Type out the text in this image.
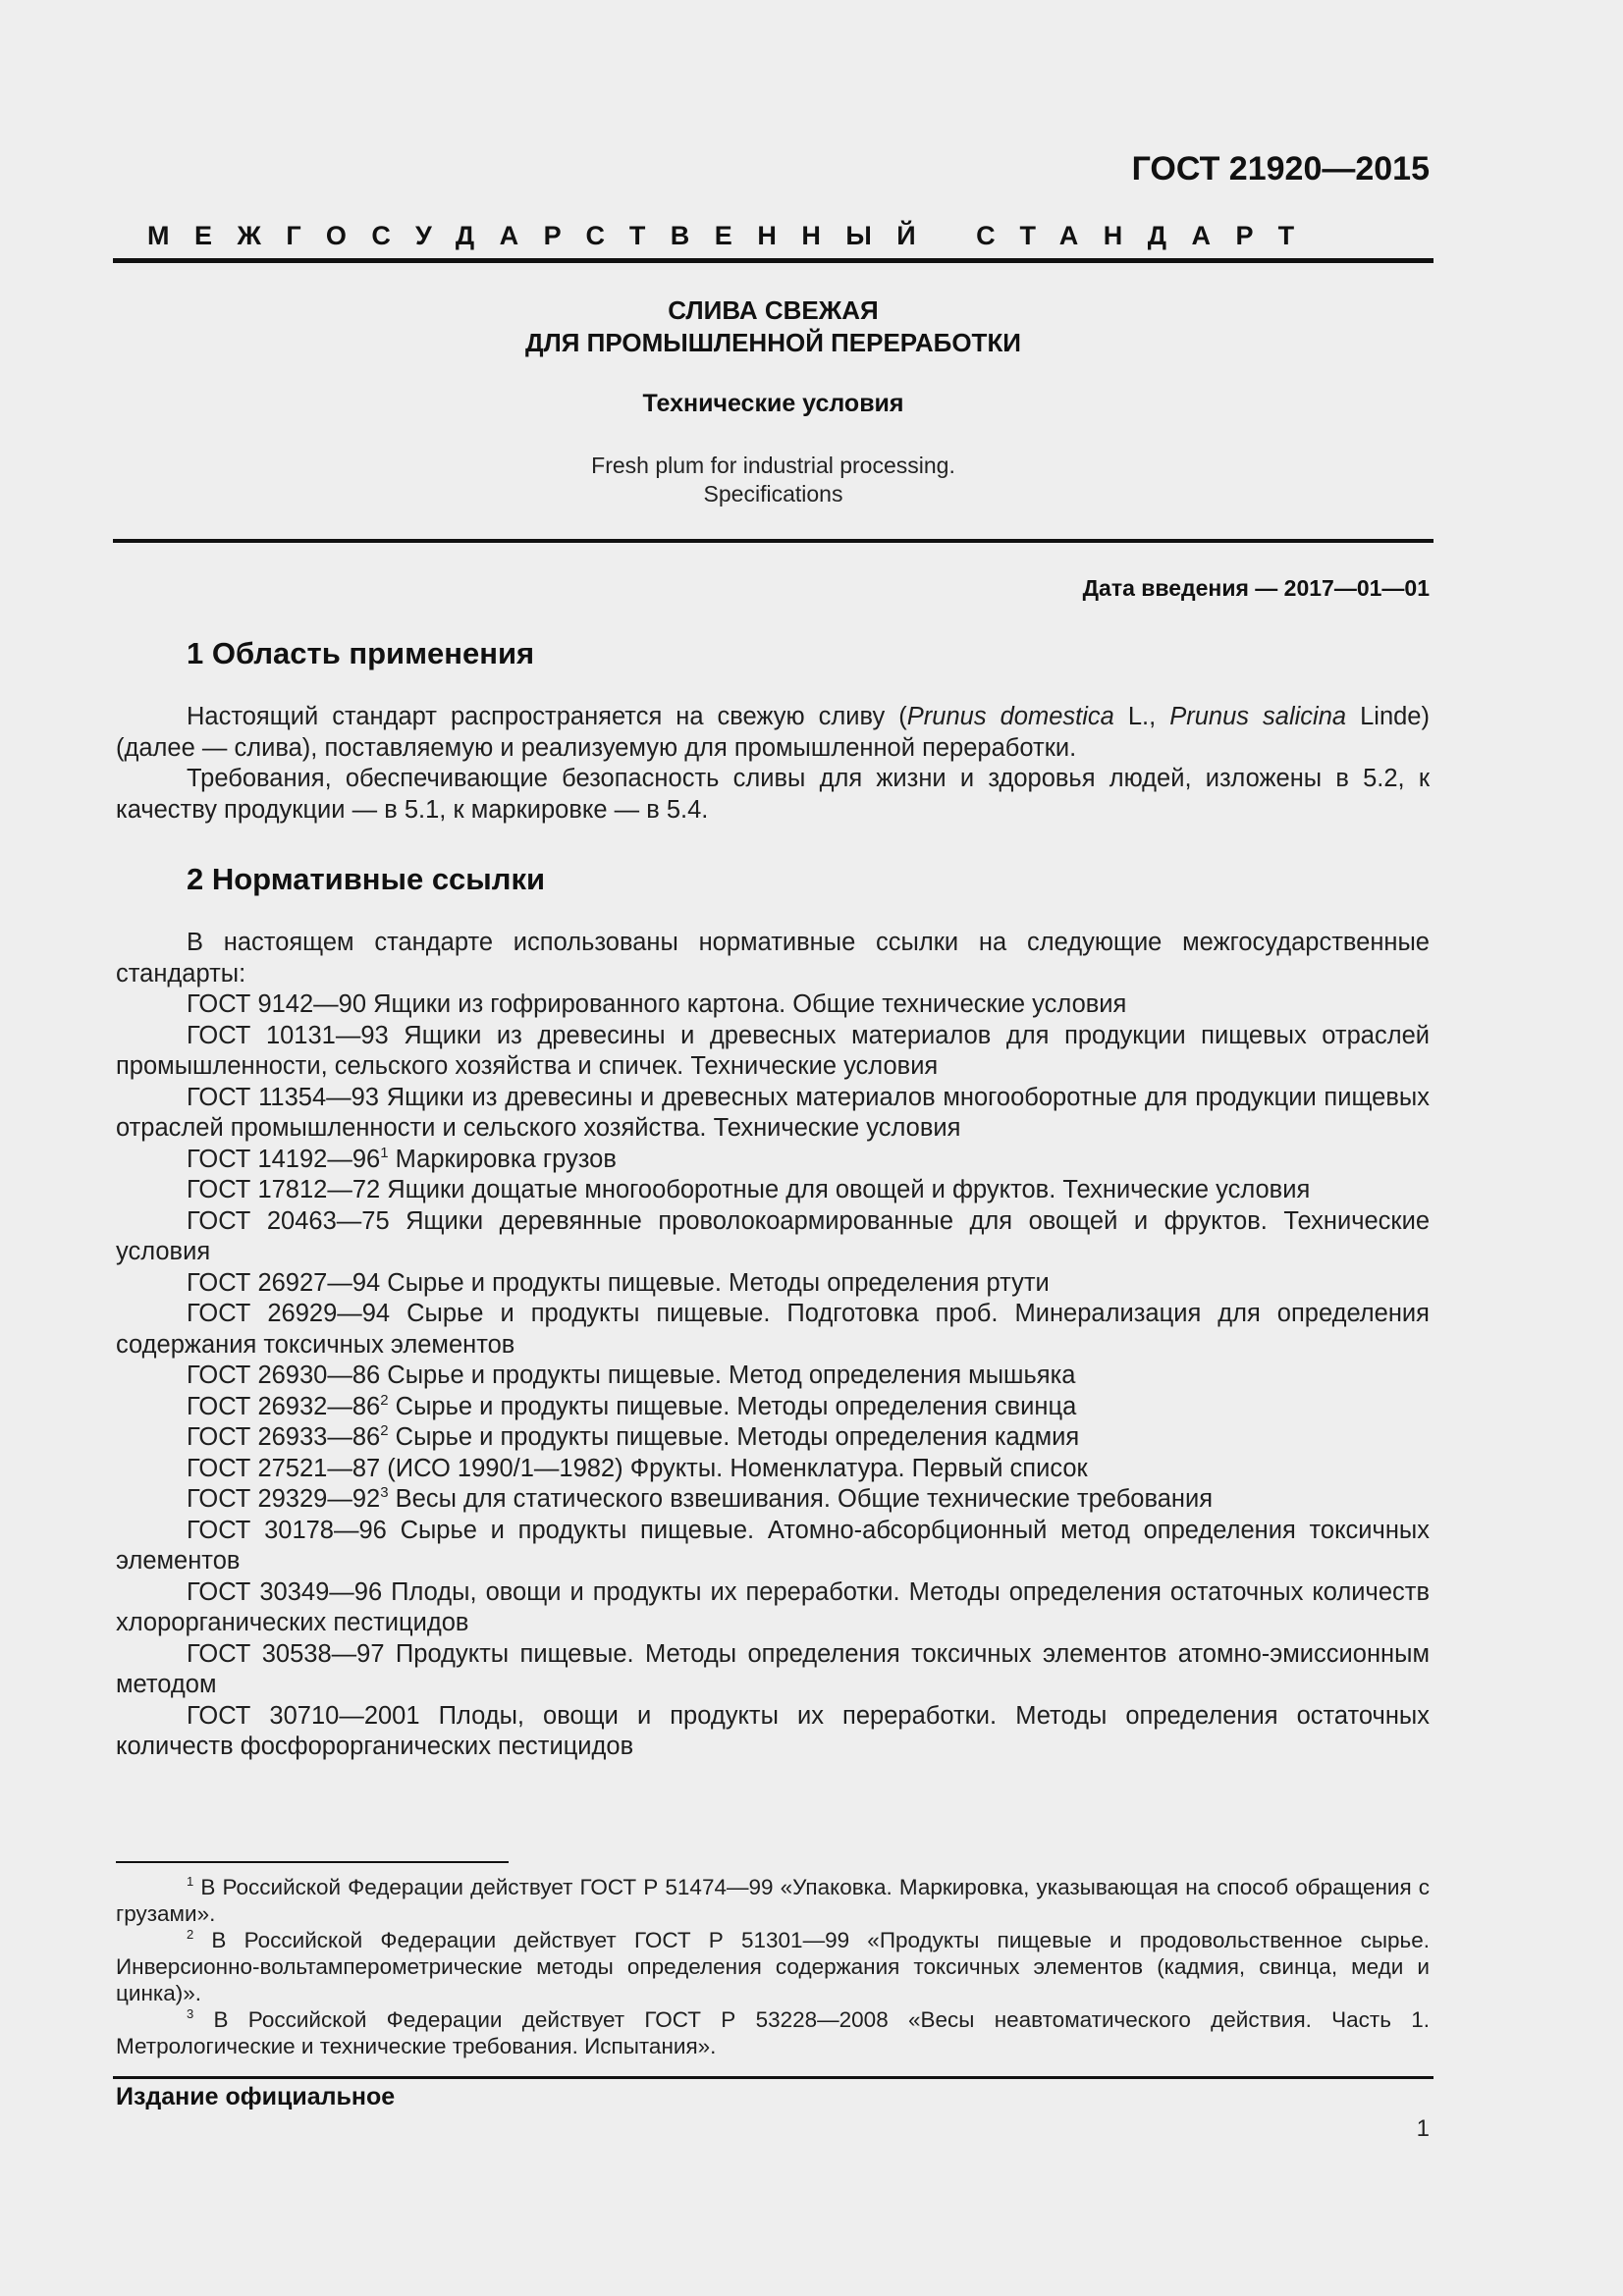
ГОСТ 21920—2015
МЕЖГОСУДАРСТВЕННЫЙ СТАНДАРТ
СЛИВА СВЕЖАЯ
ДЛЯ ПРОМЫШЛЕННОЙ ПЕРЕРАБОТКИ
Технические условия
Fresh plum for industrial processing.
Specifications
Дата введения — 2017—01—01
1 Область применения

Настоящий стандарт распространяется на свежую сливу (Prunus domestica L., Prunus salicina Linde) (далее — слива), поставляемую и реализуемую для промышленной переработки.

Требования, обеспечивающие безопасность сливы для жизни и здоровья людей, изложены в 5.2, к качеству продукции — в 5.1, к маркировке — в 5.4.

2 Нормативные ссылки

В настоящем стандарте использованы нормативные ссылки на следующие межгосударственные стандарты:

ГОСТ 9142—90 Ящики из гофрированного картона. Общие технические условия

ГОСТ 10131—93 Ящики из древесины и древесных материалов для продукции пищевых отраслей промышленности, сельского хозяйства и спичек. Технические условия

ГОСТ 11354—93 Ящики из древесины и древесных материалов многооборотные для продукции пищевых отраслей промышленности и сельского хозяйства. Технические условия

ГОСТ $14192—96^1$ Маркировка грузов

ГОСТ 17812—72 Ящики дощатые многооборотные для овощей и фруктов. Технические условия

ГОСТ 20463—75 Ящики деревянные проволокоармированные для овощей и фруктов. Технические условия

ГОСТ 26927—94 Сырье и продукты пищевые. Методы определения ртути

ГОСТ 26929—94 Сырье и продукты пищевые. Подготовка проб. Минерализация для определения содержания токсичных элементов

ГОСТ 26930—86 Сырье и продукты пищевые. Метод определения мышьяка

ГОСТ $26932—86^2$ Сырье и продукты пищевые. Методы определения свинца

ГОСТ $26933—86^2$ Сырье и продукты пищевые. Методы определения кадмия

ГОСТ 27521—87 (ИСО 1990/1—1982) Фрукты. Номенклатура. Первый список

ГОСТ $29329—92^3$ Весы для статического взвешивания. Общие технические требования

ГОСТ 30178—96 Сырье и продукты пищевые. Атомно-абсорбционный метод определения токсичных элементов

ГОСТ 30349—96 Плоды, овощи и продукты их переработки. Методы определения остаточных количеств хлорорганических пестицидов

ГОСТ 30538—97 Продукты пищевые. Методы определения токсичных элементов атомно-эмиссионным методом

ГОСТ 30710—2001 Плоды, овощи и продукты их переработки. Методы определения остаточных количеств фосфорорганических пестицидов

$^1$ В Российской Федерации действует ГОСТ Р 51474—99 «Упаковка. Маркировка, указывающая на способ обращения с грузами».

$^2$ В Российской Федерации действует ГОСТ Р 51301—99 «Продукты пищевые и продовольственное сырье. Инверсионно-вольтамперометрические методы определения содержания токсичных элементов (кадмия, свинца, меди и цинка)».

$^3$ В Российской Федерации действует ГОСТ Р 53228—2008 «Весы неавтоматического действия. Часть 1. Метрологические и технические требования. Испытания».

Издание официальное
1
